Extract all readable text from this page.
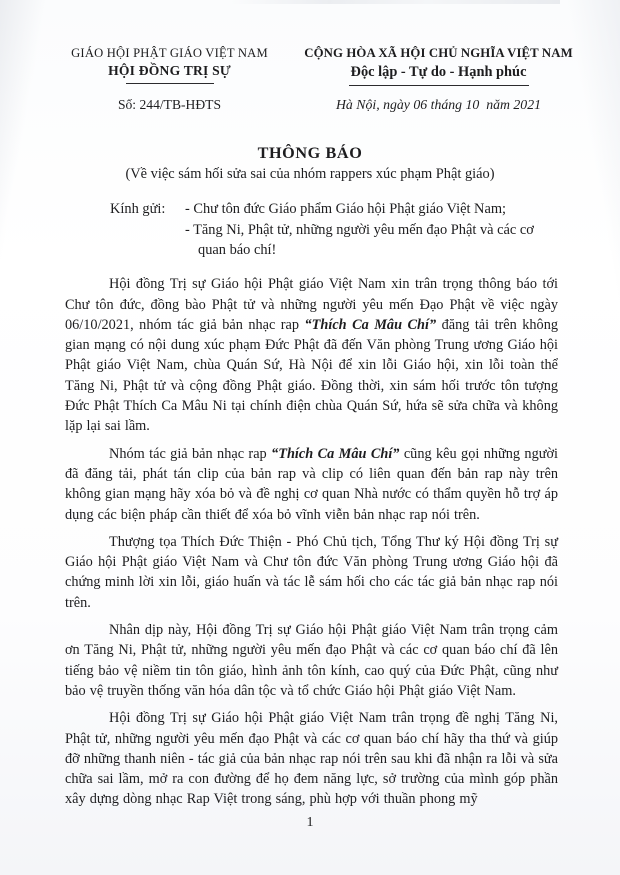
GIÁO HỘI PHẬT GIÁO VIỆT NAM
HỘI ĐỒNG TRỊ SỰ
Số: 244/TB-HĐTS
CỘNG HÒA XÃ HỘI CHỦ NGHĨA VIỆT NAM
Độc lập - Tự do - Hạnh phúc
Hà Nội, ngày 06 tháng 10  năm 2021
THÔNG BÁO
(Về việc sám hối sửa sai của nhóm rappers xúc phạm Phật giáo)
Kính gửi:	- Chư tôn đức Giáo phẩm Giáo hội Phật giáo Việt Nam;
- Tăng Ni, Phật tử, những người yêu mến đạo Phật và các cơ quan báo chí!

Hội đồng Trị sự Giáo hội Phật giáo Việt Nam xin trân trọng thông báo tới Chư tôn đức, đồng bào Phật tử và những người yêu mến Đạo Phật về việc ngày 06/10/2021, nhóm tác giả bản nhạc rap “Thích Ca Mâu Chí” đăng tải trên không gian mạng có nội dung xúc phạm Đức Phật đã đến Văn phòng Trung ương Giáo hội Phật giáo Việt Nam, chùa Quán Sứ, Hà Nội để xin lỗi Giáo hội, xin lỗi toàn thể Tăng Ni, Phật tử và cộng đồng Phật giáo. Đồng thời, xin sám hối trước tôn tượng Đức Phật Thích Ca Mâu Ni tại chính điện chùa Quán Sứ, hứa sẽ sửa chữa và không lặp lại sai lầm.

Nhóm tác giả bản nhạc rap “Thích Ca Mâu Chí” cũng kêu gọi những người đã đăng tải, phát tán clip của bản rap và clip có liên quan đến bản rap này trên không gian mạng hãy xóa bỏ và đề nghị cơ quan Nhà nước có thẩm quyền hỗ trợ áp dụng các biện pháp cần thiết để xóa bỏ vĩnh viễn bản nhạc rap nói trên.

Thượng tọa Thích Đức Thiện - Phó Chủ tịch, Tổng Thư ký Hội đồng Trị sự Giáo hội Phật giáo Việt Nam và Chư tôn đức Văn phòng Trung ương Giáo hội đã chứng minh lời xin lỗi, giáo huấn và tác lễ sám hối cho các tác giả bản nhạc rap nói trên.

Nhân dịp này, Hội đồng Trị sự Giáo hội Phật giáo Việt Nam trân trọng cảm ơn Tăng Ni, Phật tử, những người yêu mến đạo Phật và các cơ quan báo chí đã lên tiếng bảo vệ niềm tin tôn giáo, hình ảnh tôn kính, cao quý của Đức Phật, cũng như bảo vệ truyền thống văn hóa dân tộc và tổ chức Giáo hội Phật giáo Việt Nam.

Hội đồng Trị sự Giáo hội Phật giáo Việt Nam trân trọng đề nghị Tăng Ni, Phật tử, những người yêu mến đạo Phật và các cơ quan báo chí hãy tha thứ và giúp đỡ những thanh niên - tác giả của bản nhạc rap nói trên sau khi đã nhận ra lỗi và sửa chữa sai lầm, mở ra con đường để họ đem năng lực, sở trường của mình góp phần xây dựng dòng nhạc Rap Việt trong sáng, phù hợp với thuần phong mỹ

1
